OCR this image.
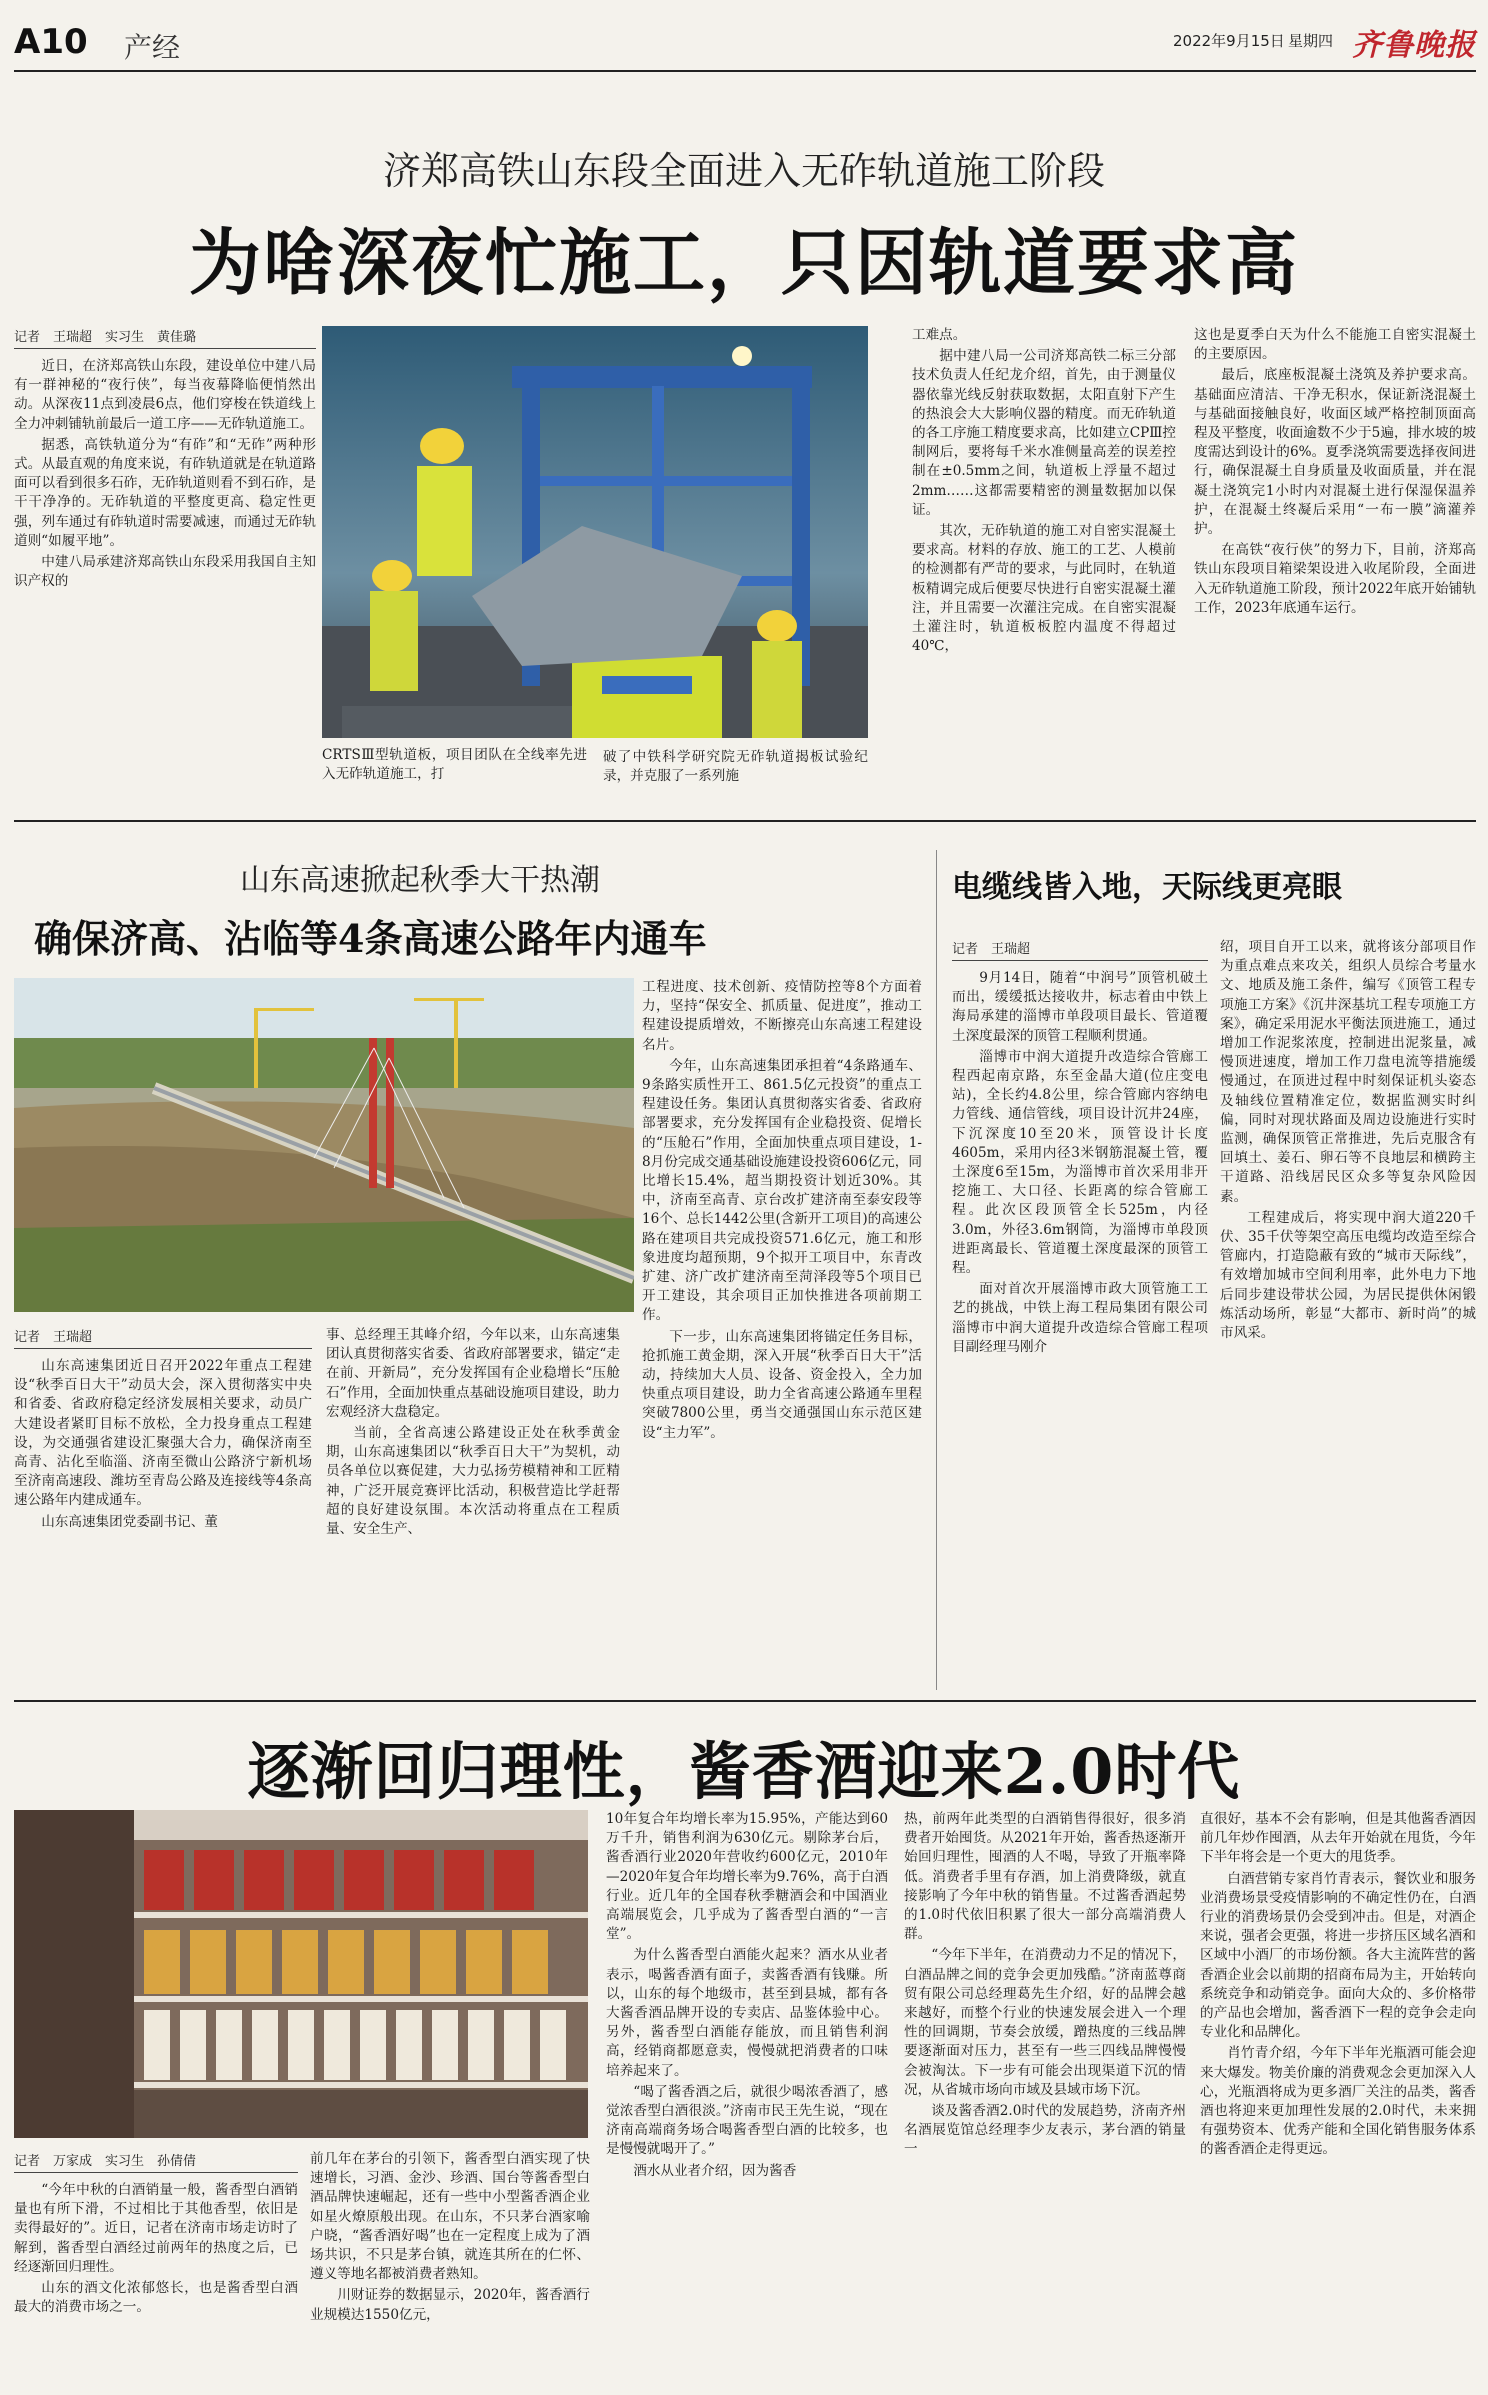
A10 产经	2022年9月15日 星期四 齐鲁晚报
济郑高铁山东段全面进入无砟轨道施工阶段
为啥深夜忙施工，只因轨道要求高
记者　王瑞超　实习生　黄佳璐

近日，在济郑高铁山东段，建设单位中建八局有一群神秘的“夜行侠”，每当夜幕降临便悄然出动。从深夜11点到凌晨6点，他们穿梭在铁道线上全力冲刺铺轨前最后一道工序——无砟轨道施工。

据悉，高铁轨道分为“有砟”和“无砟”两种形式。从最直观的角度来说，有砟轨道就是在轨道路面可以看到很多石砟，无砟轨道则看不到石砟，是干干净净的。无砟轨道的平整度更高、稳定性更强，列车通过有砟轨道时需要减速，而通过无砟轨道则“如履平地”。

中建八局承建济郑高铁山东段采用我国自主知识产权的

CRTSⅢ型轨道板，项目团队在全线率先进入无砟轨道施工，打

破了中铁科学研究院无砟轨道揭板试验纪录，并克服了一系列施

工难点。

据中建八局一公司济郑高铁二标三分部技术负责人任纪龙介绍，首先，由于测量仪器依靠光线反射获取数据，太阳直射下产生的热浪会大大影响仪器的精度。而无砟轨道的各工序施工精度要求高，比如建立CPⅢ控制网后，要将每千米水准侧量高差的误差控制在±0.5mm之间，轨道板上浮量不超过2mm……这都需要精密的测量数据加以保证。

其次，无砟轨道的施工对自密实混凝土要求高。材料的存放、施工的工艺、人模前的检测都有严苛的要求，与此同时，在轨道板精调完成后便要尽快进行自密实混凝土灌注，并且需要一次灌注完成。在自密实混凝土灌注时，轨道板板腔内温度不得超过40℃，

这也是夏季白天为什么不能施工自密实混凝土的主要原因。

最后，底座板混凝土浇筑及养护要求高。基础面应清洁、干净无积水，保证新浇混凝土与基础面接触良好，收面区域严格控制顶面高程及平整度，收面逾数不少于5遍，排水坡的坡度需达到设计的6%。夏季浇筑需要选择夜间进行，确保混凝土自身质量及收面质量，并在混凝土浇筑完1小时内对混凝土进行保湿保温养护，在混凝土终凝后采用“一布一膜”滴灌养护。

在高铁“夜行侠”的努力下，目前，济郑高铁山东段项目箱梁架设进入收尾阶段，全面进入无砟轨道施工阶段，预计2022年底开始铺轨工作，2023年底通车运行。

山东高速掀起秋季大干热潮
确保济高、沾临等4条高速公路年内通车
记者　王瑞超

山东高速集团近日召开2022年重点工程建设“秋季百日大干”动员大会，深入贯彻落实中央和省委、省政府稳定经济发展相关要求，动员广大建设者紧盯目标不放松，全力投身重点工程建设，为交通强省建设汇聚强大合力，确保济南至高青、沾化至临淄、济南至微山公路济宁新机场至济南高速段、潍坊至青岛公路及连接线等4条高速公路年内建成通车。

山东高速集团党委副书记、董

事、总经理王其峰介绍，今年以来，山东高速集团认真贯彻落实省委、省政府部署要求，锚定“走在前、开新局”，充分发挥国有企业稳增长“压舱石”作用，全面加快重点基础设施项目建设，助力宏观经济大盘稳定。

当前，全省高速公路建设正处在秋季黄金期，山东高速集团以“秋季百日大干”为契机，动员各单位以赛促建，大力弘扬劳模精神和工匠精神，广泛开展竞赛评比活动，积极营造比学赶帮超的良好建设氛围。本次活动将重点在工程质量、安全生产、

工程进度、技术创新、疫情防控等8个方面着力，坚持“保安全、抓质量、促进度”，推动工程建设提质增效，不断擦亮山东高速工程建设名片。

今年，山东高速集团承担着“4条路通车、9条路实质性开工、861.5亿元投资”的重点工程建设任务。集团认真贯彻落实省委、省政府部署要求，充分发挥国有企业稳投资、促增长的“压舱石”作用，全面加快重点项目建设，1-8月份完成交通基础设施建设投资606亿元，同比增长15.4%，超当期投资计划近30%。其中，济南至高青、京台改扩建济南至泰安段等16个、总长1442公里(含新开工项目)的高速公路在建项目共完成投资571.6亿元，施工和形象进度均超预期，9个拟开工项目中，东青改扩建、济广改扩建济南至菏泽段等5个项目已开工建设，其余项目正加快推进各项前期工作。

下一步，山东高速集团将锚定任务目标，抢抓施工黄金期，深入开展“秋季百日大干”活动，持续加大人员、设备、资金投入，全力加快重点项目建设，助力全省高速公路通车里程突破7800公里，勇当交通强国山东示范区建设“主力军”。

电缆线皆入地，天际线更亮眼
记者　王瑞超

9月14日，随着“中润号”顶管机破土而出，缓缓抵达接收井，标志着由中铁上海局承建的淄博市单段项目最长、管道覆土深度最深的顶管工程顺利贯通。

淄博市中润大道提升改造综合管廊工程西起南京路，东至金晶大道(位庄变电站)，全长约4.8公里，综合管廊内容纳电力管线、通信管线，项目设计沉井24座，下沉深度10至20米，顶管设计长度4605m，采用内径3米钢筋混凝土管，覆土深度6至15m，为淄博市首次采用非开挖施工、大口径、长距离的综合管廊工程。此次区段顶管全长525m，内径3.0m，外径3.6m钢筒，为淄博市单段顶进距离最长、管道覆土深度最深的顶管工程。

面对首次开展淄博市政大顶管施工工艺的挑战，中铁上海工程局集团有限公司淄博市中润大道提升改造综合管廊工程项目副经理马刚介

绍，项目自开工以来，就将该分部项目作为重点难点来攻关，组织人员综合考量水文、地质及施工条件，编写《顶管工程专项施工方案》《沉井深基坑工程专项施工方案》，确定采用泥水平衡法顶进施工，通过增加工作泥浆浓度，控制进出泥浆量，减慢顶进速度，增加工作刀盘电流等措施缓慢通过，在顶进过程中时刻保证机头姿态及轴线位置精准定位，数据监测实时纠偏，同时对现状路面及周边设施进行实时监测，确保顶管正常推进，先后克服含有回填土、姜石、卵石等不良地层和横跨主干道路、沿线居民区众多等复杂风险因素。

工程建成后，将实现中润大道220千伏、35千伏等架空高压电缆均改造至综合管廊内，打造隐蔽有致的“城市天际线”，有效增加城市空间利用率，此外电力下地后同步建设带状公园，为居民提供休闲锻炼活动场所，彰显“大都市、新时尚”的城市风采。

逐渐回归理性，酱香酒迎来2.0时代
记者　万家成　实习生　孙倩倩

“今年中秋的白酒销量一般，酱香型白酒销量也有所下滑，不过相比于其他香型，依旧是卖得最好的”。近日，记者在济南市场走访时了解到，酱香型白酒经过前两年的热度之后，已经逐渐回归理性。

山东的酒文化浓郁悠长，也是酱香型白酒最大的消费市场之一。

前几年在茅台的引领下，酱香型白酒实现了快速增长，习酒、金沙、珍酒、国台等酱香型白酒品牌快速崛起，还有一些中小型酱香酒企业如星火燎原般出现。在山东，不只茅台酒家喻户晓，“酱香酒好喝”也在一定程度上成为了酒场共识，不只是茅台镇，就连其所在的仁怀、遵义等地名都被消费者熟知。

川财证券的数据显示，2020年，酱香酒行业规模达1550亿元，

10年复合年均增长率为15.95%，产能达到60万千升，销售利润为630亿元。剔除茅台后，酱香酒行业2020年营收约600亿元，2010年—2020年复合年均增长率为9.76%，高于白酒行业。近几年的全国春秋季糖酒会和中国酒业高端展览会，几乎成为了酱香型白酒的“一言堂”。

为什么酱香型白酒能火起来？酒水从业者表示，喝酱香酒有面子，卖酱香酒有钱赚。所以，山东的每个地级市，甚至到县城，都有各大酱香酒品牌开设的专卖店、品鉴体验中心。另外，酱香型白酒能存能放，而且销售利润高，经销商都愿意卖，慢慢就把消费者的口味培养起来了。

“喝了酱香酒之后，就很少喝浓香酒了，感觉浓香型白酒很淡。”济南市民王先生说，“现在济南高端商务场合喝酱香型白酒的比较多，也是慢慢就喝开了。”

酒水从业者介绍，因为酱香

热，前两年此类型的白酒销售得很好，很多消费者开始囤货。从2021年开始，酱香热逐渐开始回归理性，囤酒的人不喝，导致了开瓶率降低。消费者手里有存酒，加上消费降级，就直接影响了今年中秋的销售量。不过酱香酒起势的1.0时代依旧积累了很大一部分高端消费人群。

“今年下半年，在消费动力不足的情况下，白酒品牌之间的竞争会更加残酷。”济南蓝尊商贸有限公司总经理葛先生介绍，好的品牌会越来越好，而整个行业的快速发展会进入一个理性的回调期，节奏会放缓，蹭热度的三线品牌要逐渐面对压力，甚至有一些三四线品牌慢慢会被淘汰。下一步有可能会出现渠道下沉的情况，从省城市场向市域及县域市场下沉。

谈及酱香酒2.0时代的发展趋势，济南齐州名酒展览馆总经理李少友表示，茅台酒的销量一

直很好，基本不会有影响，但是其他酱香酒因前几年炒作囤酒，从去年开始就在甩货，今年下半年将会是一个更大的甩货季。

白酒营销专家肖竹青表示，餐饮业和服务业消费场景受疫情影响的不确定性仍在，白酒行业的消费场景仍会受到冲击。但是，对酒企来说，强者会更强，将进一步挤压区域名酒和区域中小酒厂的市场份额。各大主流阵营的酱香酒企业会以前期的招商布局为主，开始转向系统竞争和动销竞争。面向大众的、多价格带的产品也会增加，酱香酒下一程的竞争会走向专业化和品牌化。

肖竹青介绍，今年下半年光瓶酒可能会迎来大爆发。物美价廉的消费观念会更加深入人心，光瓶酒将成为更多酒厂关注的品类，酱香酒也将迎来更加理性发展的2.0时代，未来拥有强势资本、优秀产能和全国化销售服务体系的酱香酒企走得更远。
